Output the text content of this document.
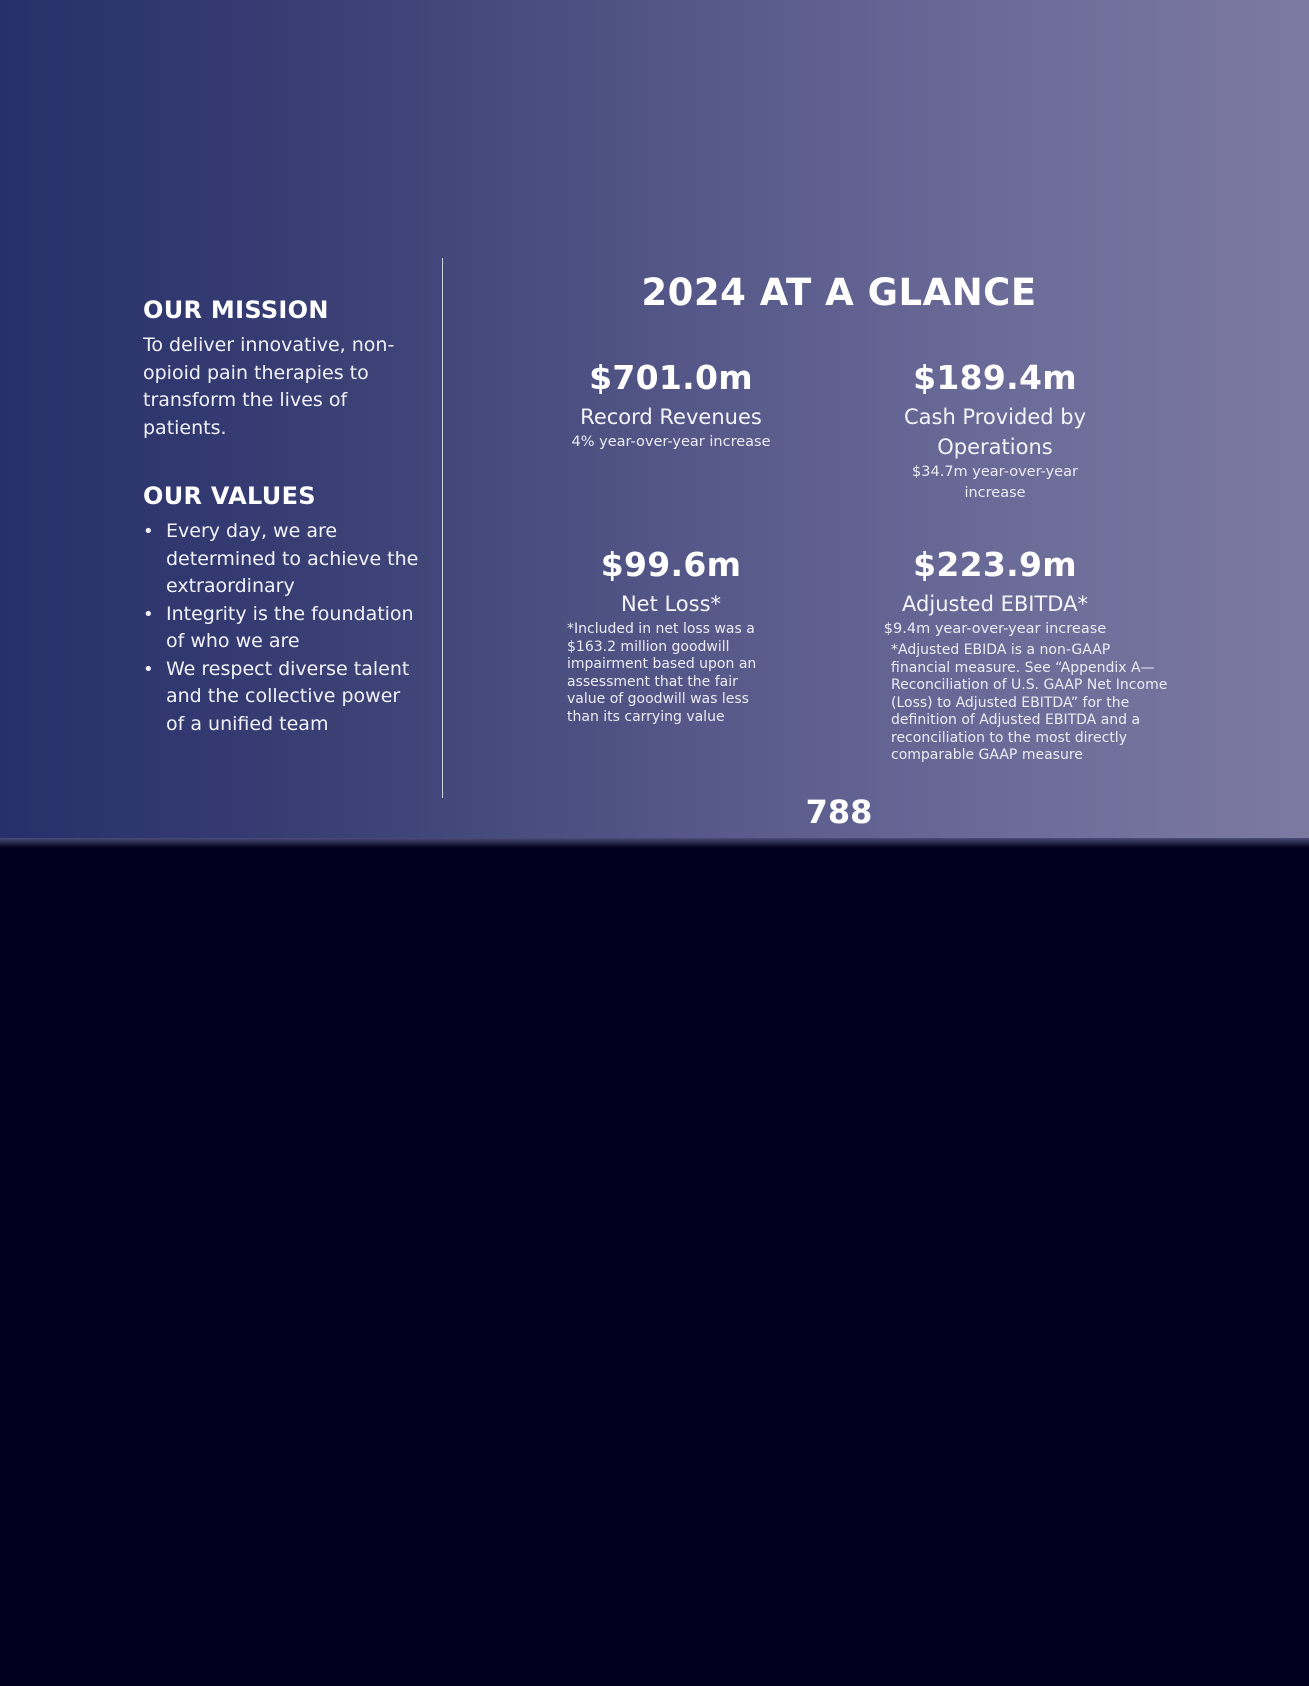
OUR MISSION

To deliver innovative, non-opioid pain therapies to transform the lives of patients.

OUR VALUES
• Every day, we are determined to achieve the extraordinary
• Integrity is the foundation of who we are
• We respect diverse talent and the collective power of a unified team
2024 AT A GLANCE
$701.0m
Record Revenues
4% year-over-year increase
$189.4m
Cash Provided by Operations
$34.7m year-over-year increase
$99.6m
Net Loss*
*Included in net loss was a $163.2 million goodwill impairment based upon an assessment that the fair value of goodwill was less than its carrying value
$223.9m
Adjusted EBITDA*
$9.4m year-over-year increase
*Adjusted EBIDA is a non-GAAP financial measure. See “Appendix A—Reconciliation of U.S. GAAP Net Income (Loss) to Adjusted EBITDA” for the definition of Adjusted EBITDA and a reconciliation to the most directly comparable GAAP measure
788
